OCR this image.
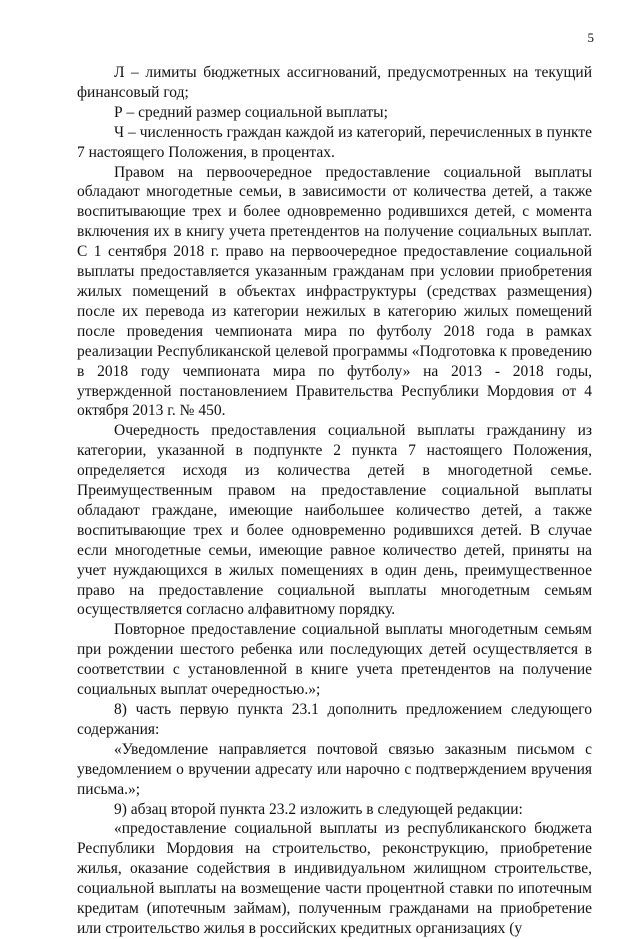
5

Л – лимиты бюджетных ассигнований, предусмотренных на текущий финансовый год;

Р – средний размер социальной выплаты;

Ч – численность граждан каждой из категорий, перечисленных в пункте 7 настоящего Положения, в процентах.

Правом на первоочередное предоставление социальной выплаты обладают многодетные семьи, в зависимости от количества детей, а также воспитывающие трех и более одновременно родившихся детей, с момента включения их в книгу учета претендентов на получение социальных выплат. С 1 сентября 2018 г. право на первоочередное предоставление социальной выплаты предоставляется указанным гражданам при условии приобретения жилых помещений в объектах инфраструктуры (средствах размещения) после их перевода из категории нежилых в категорию жилых помещений после проведения чемпионата мира по футболу 2018 года в рамках реализации Республиканской целевой программы «Подготовка к проведению в 2018 году чемпионата мира по футболу» на 2013 - 2018 годы, утвержденной постановлением Правительства Республики Мордовия от 4 октября 2013 г. № 450.

Очередность предоставления социальной выплаты гражданину из категории, указанной в подпункте 2 пункта 7 настоящего Положения, определяется исходя из количества детей в многодетной семье. Преимущественным правом на предоставление социальной выплаты обладают граждане, имеющие наибольшее количество детей, а также воспитывающие трех и более одновременно родившихся детей. В случае если многодетные семьи, имеющие равное количество детей, приняты на учет нуждающихся в жилых помещениях в один день, преимущественное право на предоставление социальной выплаты многодетным семьям осуществляется согласно алфавитному порядку.

Повторное предоставление социальной выплаты многодетным семьям при рождении шестого ребенка или последующих детей осуществляется в соответствии с установленной в книге учета претендентов на получение социальных выплат очередностью.»;

8) часть первую пункта 23.1 дополнить предложением следующего содержания:

«Уведомление направляется почтовой связью заказным письмом с уведомлением о вручении адресату или нарочно с подтверждением вручения письма.»;

9) абзац второй пункта 23.2 изложить в следующей редакции:

«предоставление социальной выплаты из республиканского бюджета Республики Мордовия на строительство, реконструкцию, приобретение жилья, оказание содействия в индивидуальном жилищном строительстве, социальной выплаты на возмещение части процентной ставки по ипотечным кредитам (ипотечным займам), полученным гражданами на приобретение или строительство жилья в российских кредитных организациях (у
